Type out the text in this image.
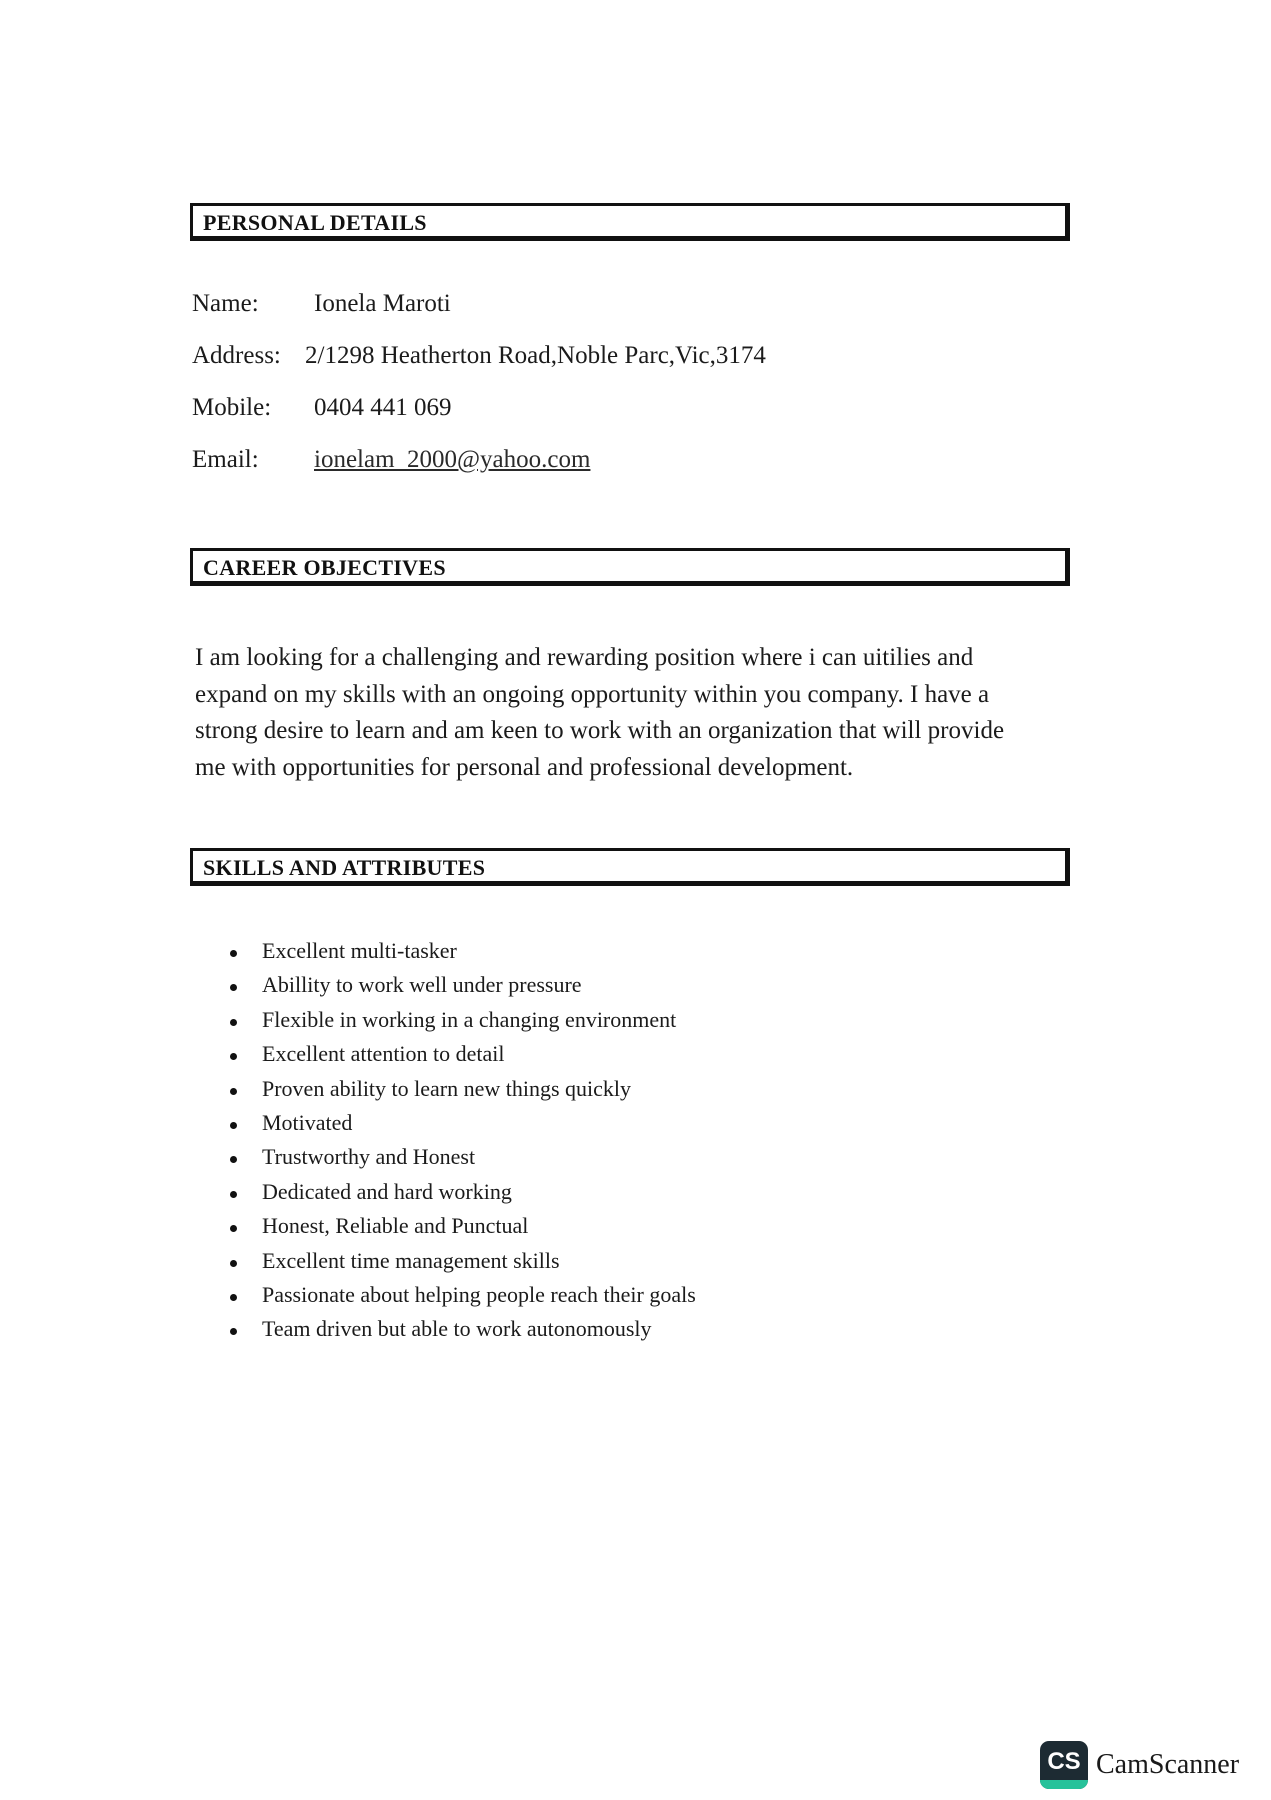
PERSONAL DETAILS
Name: Ionela Maroti
Address: 2/1298 Heatherton Road,Noble Parc,Vic,3174
Mobile: 0404 441 069
Email: ionelam_2000@yahoo.com
CAREER OBJECTIVES
I am looking for a challenging and rewarding position where i can uitilies and
expand on my skills with an ongoing opportunity within you company. I have a
strong desire to learn and am keen to work with an organization that will provide
me with opportunities for personal and professional development.
SKILLS AND ATTRIBUTES
Excellent multi-tasker
Abillity to work well under pressure
Flexible in working in a changing environment
Excellent attention to detail
Proven ability to learn new things quickly
Motivated
Trustworthy and Honest
Dedicated and hard working
Honest, Reliable and Punctual
Excellent time management skills
Passionate about helping people reach their goals
Team driven but able to work autonomously
CS CamScanner
